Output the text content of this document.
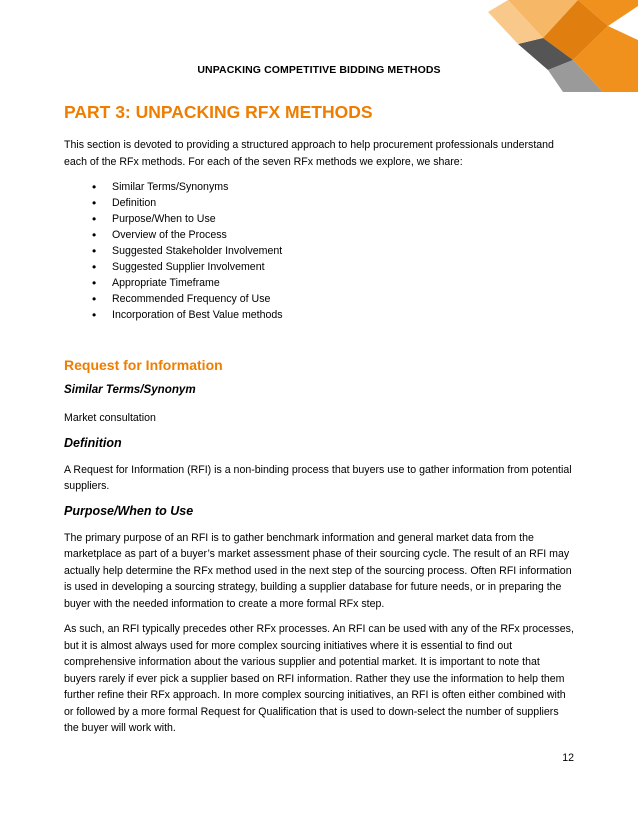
UNPACKING COMPETITIVE BIDDING METHODS
PART 3: UNPACKING RFX METHODS

This section is devoted to providing a structured approach to help procurement professionals understand each of the RFx methods. For each of the seven RFx methods we explore, we share:

• Similar Terms/Synonyms
• Definition
• Purpose/When to Use
• Overview of the Process
• Suggested Stakeholder Involvement
• Suggested Supplier Involvement
• Appropriate Timeframe
• Recommended Frequency of Use
• Incorporation of Best Value methods
Request for Information
Similar Terms/Synonym

Market consultation

Definition

A Request for Information (RFI) is a non-binding process that buyers use to gather information from potential suppliers.

Purpose/When to Use

The primary purpose of an RFI is to gather benchmark information and general market data from the marketplace as part of a buyer’s market assessment phase of their sourcing cycle. The result of an RFI may actually help determine the RFx method used in the next step of the sourcing process. Often RFI information is used in developing a sourcing strategy, building a supplier database for future needs, or in preparing the buyer with the needed information to create a more formal RFx step.

As such, an RFI typically precedes other RFx processes. An RFI can be used with any of the RFx processes, but it is almost always used for more complex sourcing initiatives where it is essential to find out comprehensive information about the various supplier and potential market. It is important to note that buyers rarely if ever pick a supplier based on RFI information. Rather they use the information to help them further refine their RFx approach. In more complex sourcing initiatives, an RFI is often either combined with or followed by a more formal Request for Qualification that is used to down-select the number of suppliers the buyer will work with.

12
